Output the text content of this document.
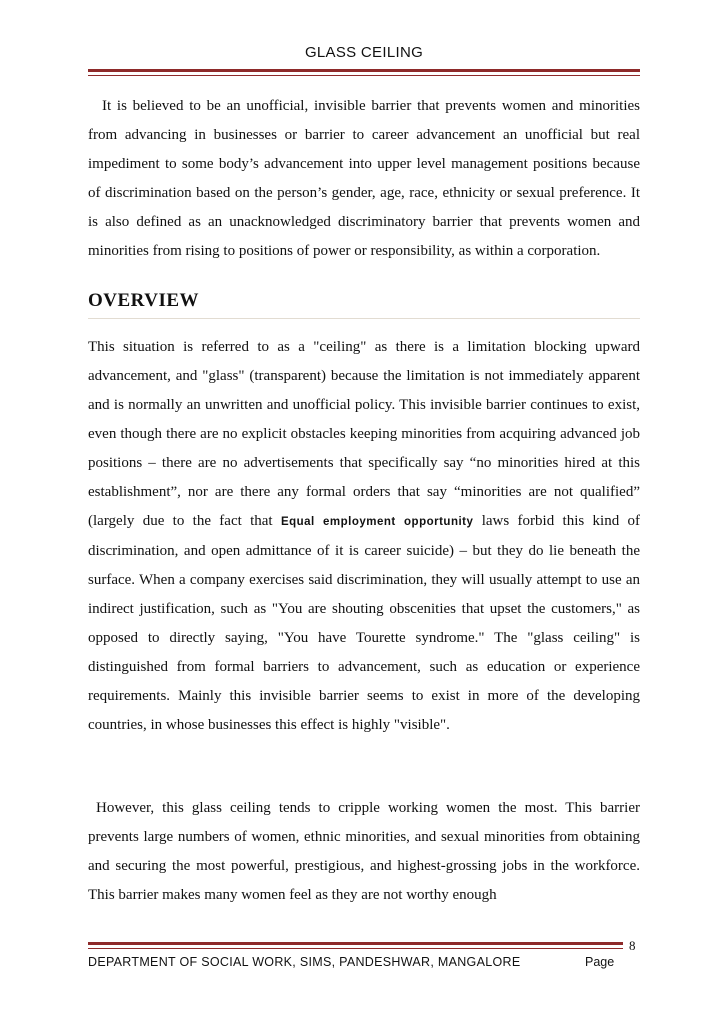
GLASS CEILING

It is believed to be an unofficial, invisible barrier that prevents women and minorities from advancing in businesses or barrier to career advancement an unofficial but real impediment to some body’s advancement into upper level management positions because of discrimination based on the person’s gender, age, race, ethnicity or sexual preference. It is also defined as an unacknowledged discriminatory barrier that prevents women and minorities from rising to positions of power or responsibility, as within a corporation.

OVERVIEW

This situation is referred to as a "ceiling" as there is a limitation blocking upward advancement, and "glass" (transparent) because the limitation is not immediately apparent and is normally an unwritten and unofficial policy. This invisible barrier continues to exist, even though there are no explicit obstacles keeping minorities from acquiring advanced job positions – there are no advertisements that specifically say “no minorities hired at this establishment”, nor are there any formal orders that say “minorities are not qualified” (largely due to the fact that Equal employment opportunity laws forbid this kind of discrimination, and open admittance of it is career suicide) – but they do lie beneath the surface. When a company exercises said discrimination, they will usually attempt to use an indirect justification, such as "You are shouting obscenities that upset the customers," as opposed to directly saying, "You have Tourette syndrome." The "glass ceiling" is distinguished from formal barriers to advancement, such as education or experience requirements. Mainly this invisible barrier seems to exist in more of the developing countries, in whose businesses this effect is highly "visible".

However, this glass ceiling tends to cripple working women the most. This barrier prevents large numbers of women, ethnic minorities, and sexual minorities from obtaining and securing the most powerful, prestigious, and highest-grossing jobs in the workforce. This barrier makes many women feel as they are not worthy enough

DEPARTMENT OF SOCIAL WORK, SIMS, PANDESHWAR, MANGALORE	Page
8
